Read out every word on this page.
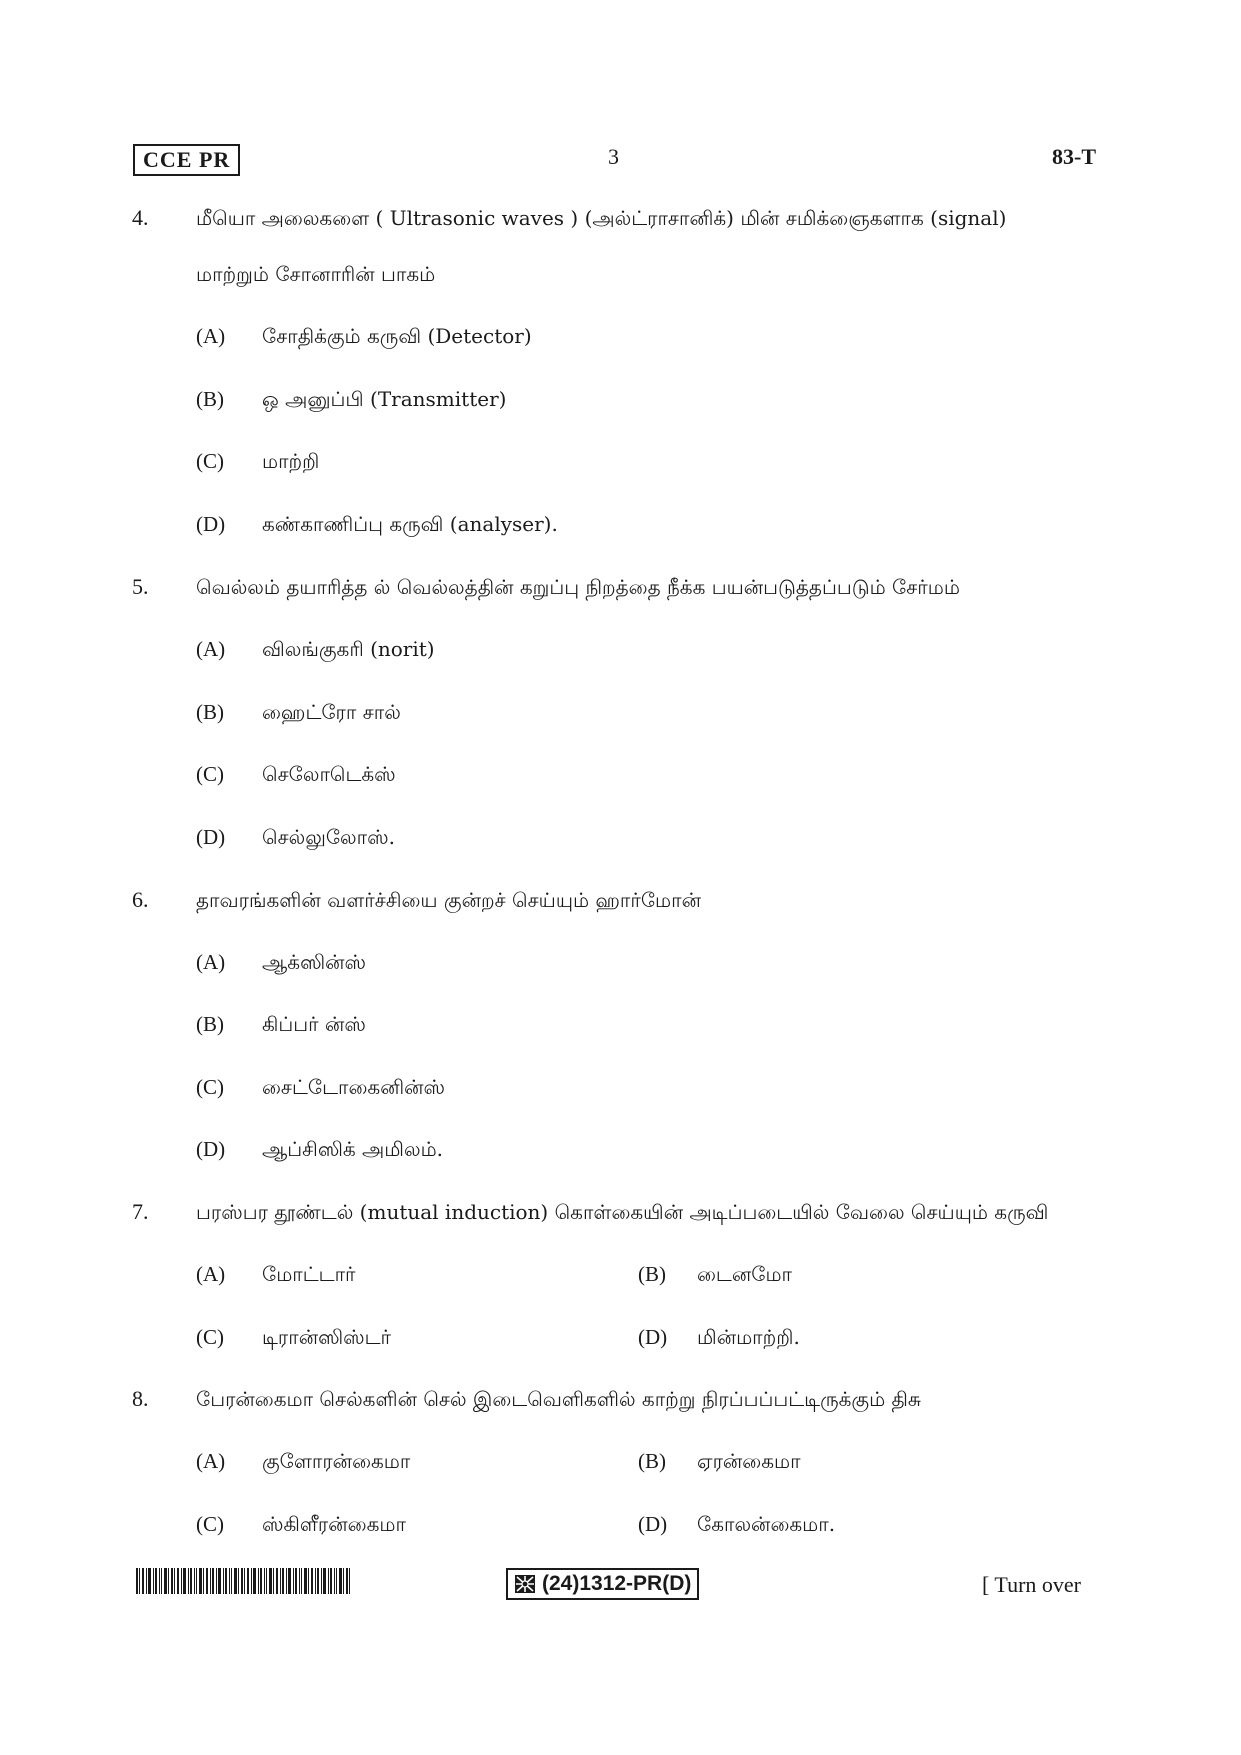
CCE PR	3	83-T
4. மீயொ அலைகளை ( Ultrasonic waves ) (அல்ட்ராசானிக்) மின் சமிக்ஞைகளாக (signal)
மாற்றும் சோனாரின் பாகம்
(A) சோதிக்கும் கருவி (Detector)
(B) ஒ அனுப்பி (Transmitter)
(C) மாற்றி
(D) கண்காணிப்பு கருவி (analyser).
5. வெல்லம் தயாரித்த ல் வெல்லத்தின் கறுப்பு நிறத்தை நீக்க பயன்படுத்தப்படும் சேர்மம்
(A) விலங்குகரி (norit)
(B) ஹைட்ரோ சால்
(C) செலோடெக்ஸ்
(D) செல்லுலோஸ்.
6. தாவரங்களின் வளர்ச்சியை குன்றச் செய்யும் ஹார்மோன்
(A) ஆக்ஸின்ஸ்
(B) கிப்பர் ன்ஸ்
(C) சைட்டோகைனின்ஸ்
(D) ஆப்சிஸிக் அமிலம்.
7. பரஸ்பர தூண்டல் (mutual induction) கொள்கையின் அடிப்படையில் வேலை செய்யும் கருவி
(A) மோட்டார்	(B) டைனமோ
(C) டிரான்ஸிஸ்டர்	(D) மின்மாற்றி.
8. பேரன்கைமா செல்களின் செல் இடைவெளிகளில் காற்று நிரப்பப்பட்டிருக்கும் திசு
(A) குளோரன்கைமா	(B) ஏரன்கைமா
(C) ஸ்கிளீரன்கைமா	(D) கோலன்கைமா.
(24)1312-PR(D)	[ Turn over
